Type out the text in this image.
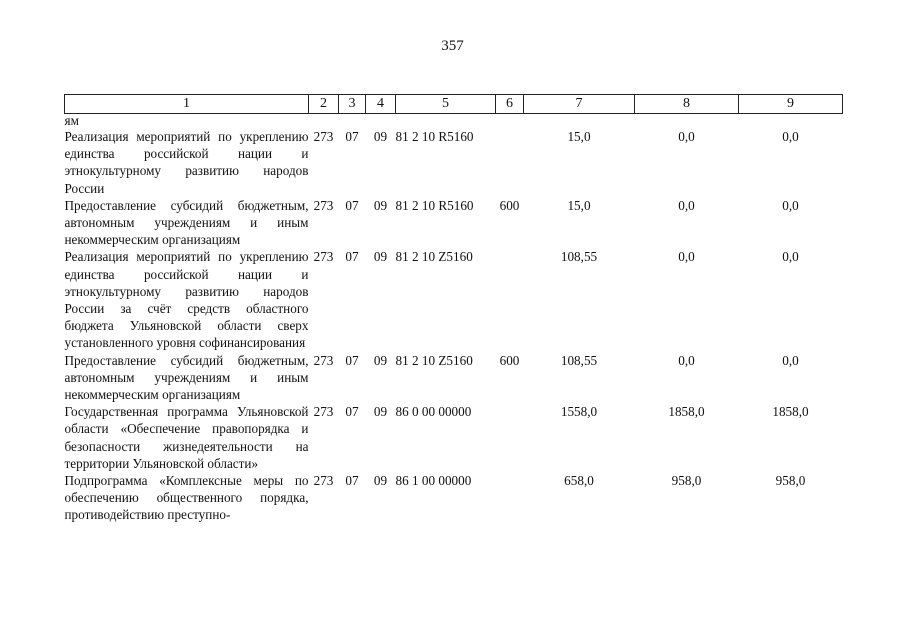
357
1	2	3	4	5	6	7	8	9
ям								
Реализация мероприятий по укреплению единства российской нации и этнокультурному развитию народов России	273	07	09	81 2 10 R5160		15,0	0,0	0,0
Предоставление субсидий бюджетным, автономным учреждениям и иным некоммерческим организациям	273	07	09	81 2 10 R5160	600	15,0	0,0	0,0
Реализация мероприятий по укреплению единства российской нации и этнокультурному развитию народов России за счёт средств областного бюджета Ульяновской области сверх установленного уровня софинансирования	273	07	09	81 2 10 Z5160		108,55	0,0	0,0
Предоставление субсидий бюджетным, автономным учреждениям и иным некоммерческим организациям	273	07	09	81 2 10 Z5160	600	108,55	0,0	0,0
Государственная программа Ульяновской области «Обеспечение правопорядка и безопасности жизнедеятельности на территории Ульяновской области»	273	07	09	86 0 00 00000		1558,0	1858,0	1858,0
Подпрограмма «Комплексные меры по обеспечению общественного порядка, противодействию преступно-	273	07	09	86 1 00 00000		658,0	958,0	958,0
